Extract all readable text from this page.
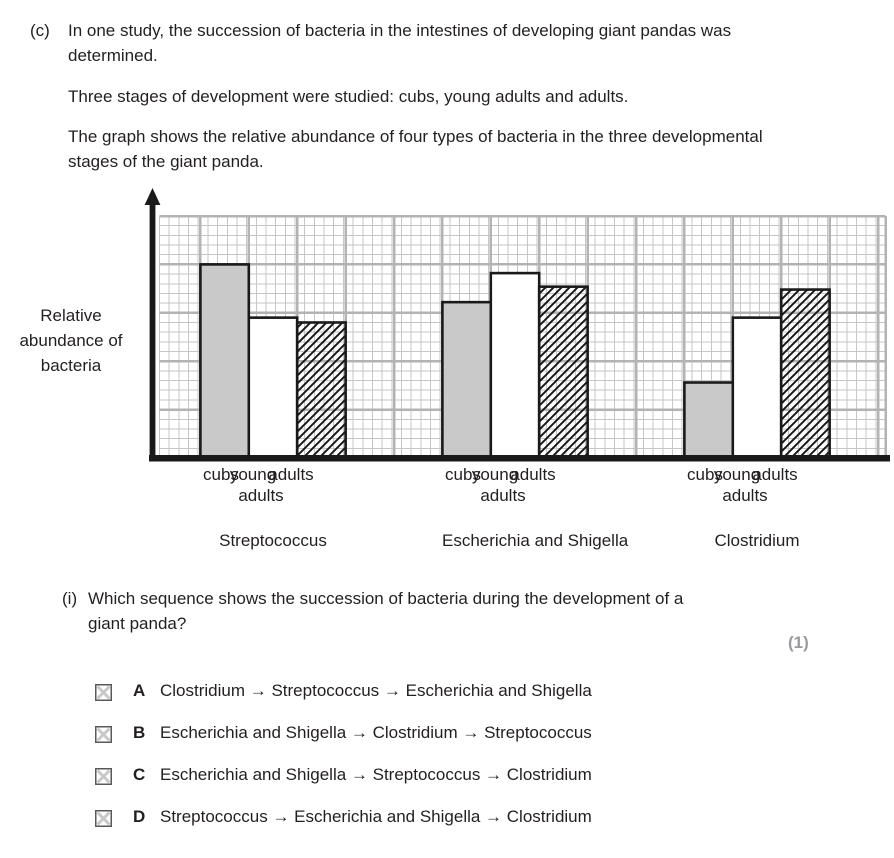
(c) In one study, the succession of bacteria in the intestines of developing giant pandas was determined.
Three stages of development were studied: cubs, young adults and adults.
The graph shows the relative abundance of four types of bacteria in the three developmental stages of the giant panda.
Relative
abundance of
bacteria
cubs
young
adults
adults
cubs
young
adults
adults
cubs
young
adults
adults
Streptococcus	Escherichia and Shigella	Clostridium
(i) Which sequence shows the succession of bacteria during the development of a giant panda?
(1)
A Clostridium → Streptococcus → Escherichia and Shigella
B Escherichia and Shigella → Clostridium → Streptococcus
C Escherichia and Shigella → Streptococcus → Clostridium
D Streptococcus → Escherichia and Shigella → Clostridium
